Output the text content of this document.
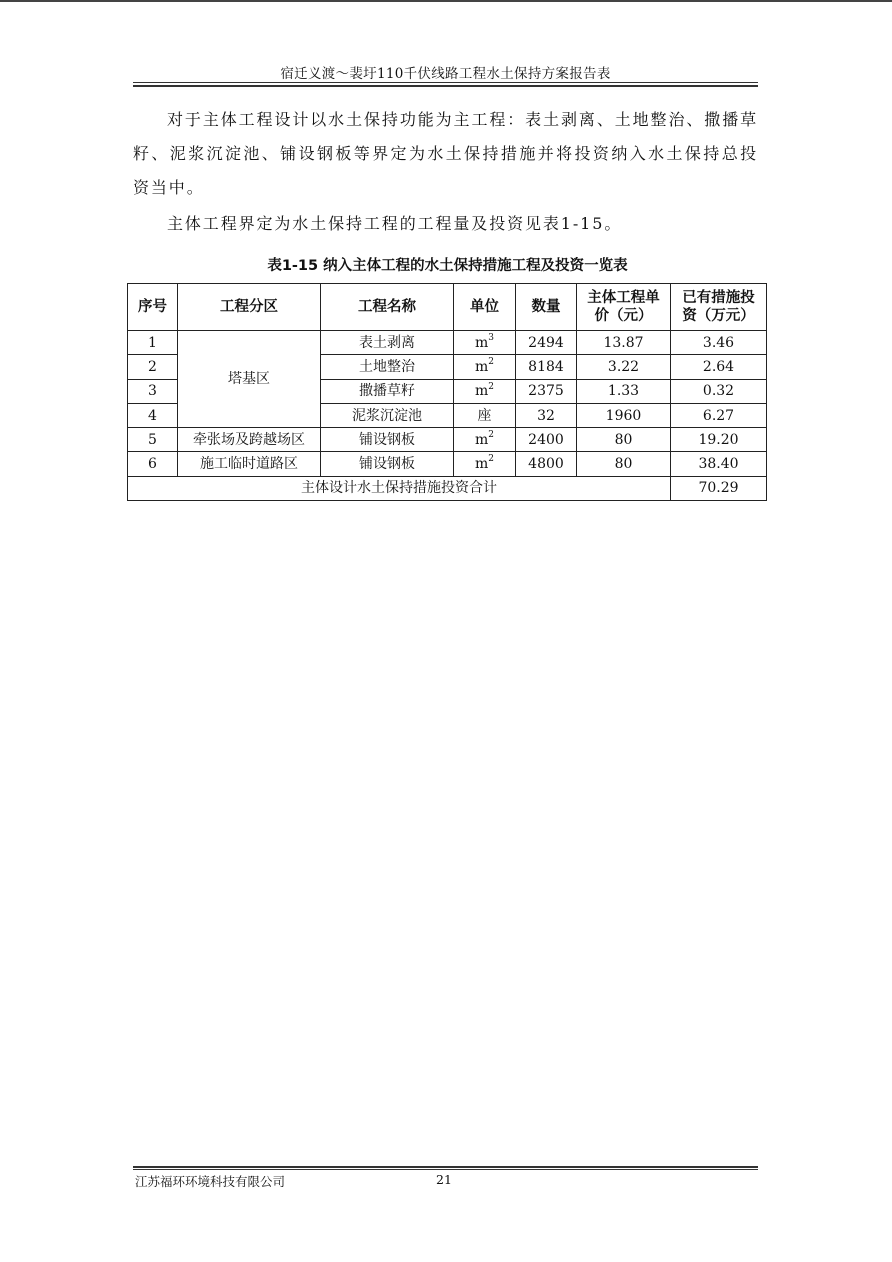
宿迁义渡～裴圩110千伏线路工程水土保持方案报告表

对于主体工程设计以水土保持功能为主工程：表土剥离、土地整治、撒播草籽、泥浆沉淀池、铺设钢板等界定为水土保持措施并将投资纳入水土保持总投资当中。

主体工程界定为水土保持工程的工程量及投资见表1-15。

表1-15 纳入主体工程的水土保持措施工程及投资一览表
序号	工程分区	工程名称	单位	数量	主体工程单价（元）	已有措施投资（万元）
1	塔基区	表土剥离	$m^3$	2494	13.87	3.46
2		土地整治	$m^2$	8184	3.22	2.64
3		撒播草籽	$m^2$	2375	1.33	0.32
4		泥浆沉淀池	座	32	1960	6.27
5	牵张场及跨越场区	铺设钢板	$m^2$	2400	80	19.20
6	施工临时道路区	铺设钢板	$m^2$	4800	80	38.40
主体设计水土保持措施投资合计						70.29
江苏福环环境科技有限公司	21
